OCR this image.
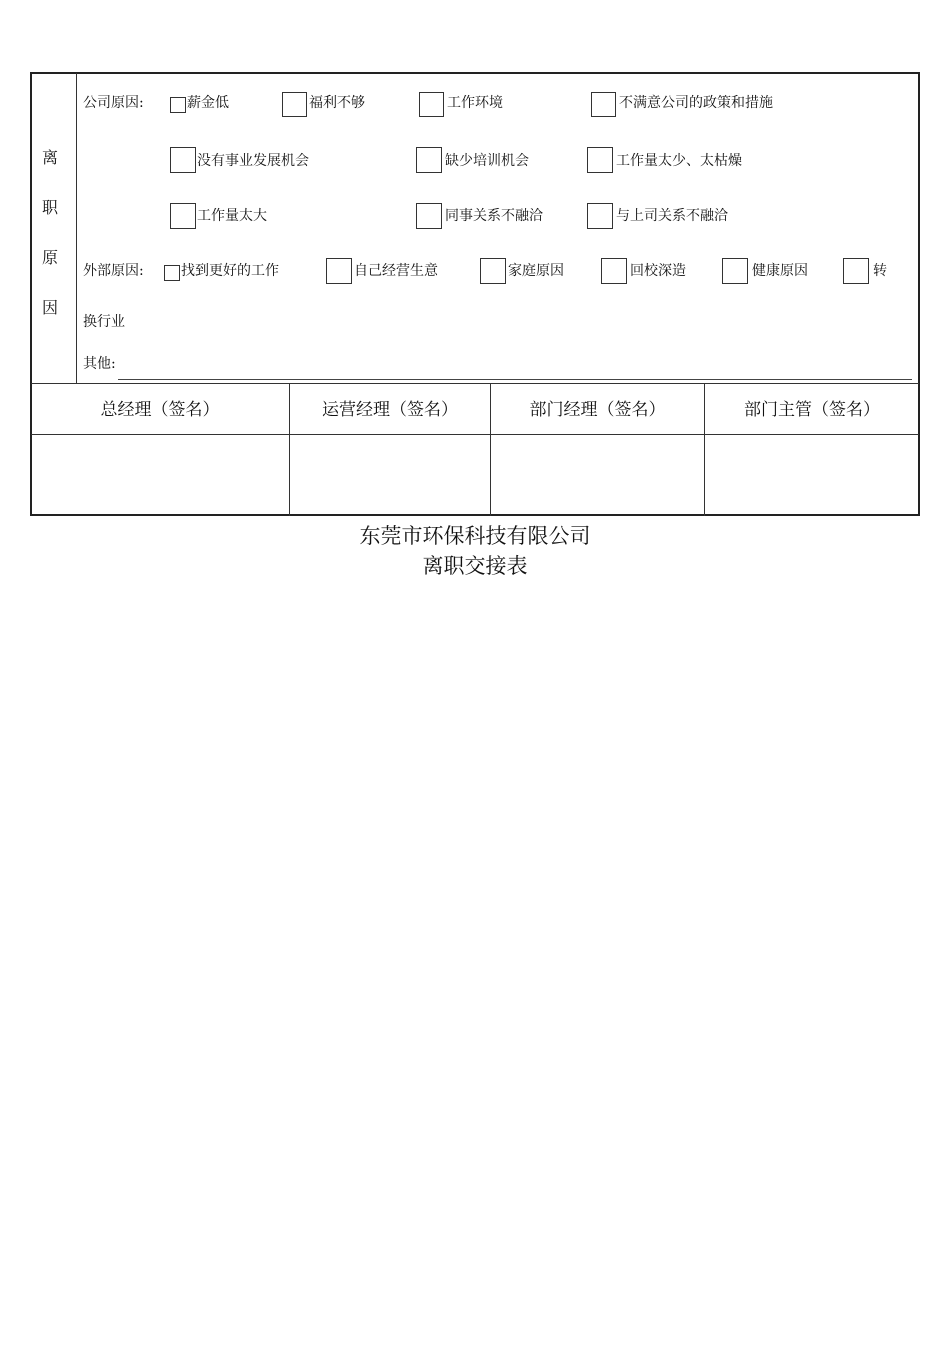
离
职
原
因
公司原因:	薪金低	福利不够	工作环境	不满意公司的政策和措施
没有事业发展机会	缺少培训机会	工作量太少、太枯燥
工作量太大	同事关系不融洽	与上司关系不融洽
外部原因:	找到更好的工作	自己经营生意	家庭原因	回校深造	健康原因	转
换行业
其他:
总经理（签名）	运营经理（签名）	部门经理（签名）	部门主管（签名）
东莞市环保科技有限公司
离职交接表
